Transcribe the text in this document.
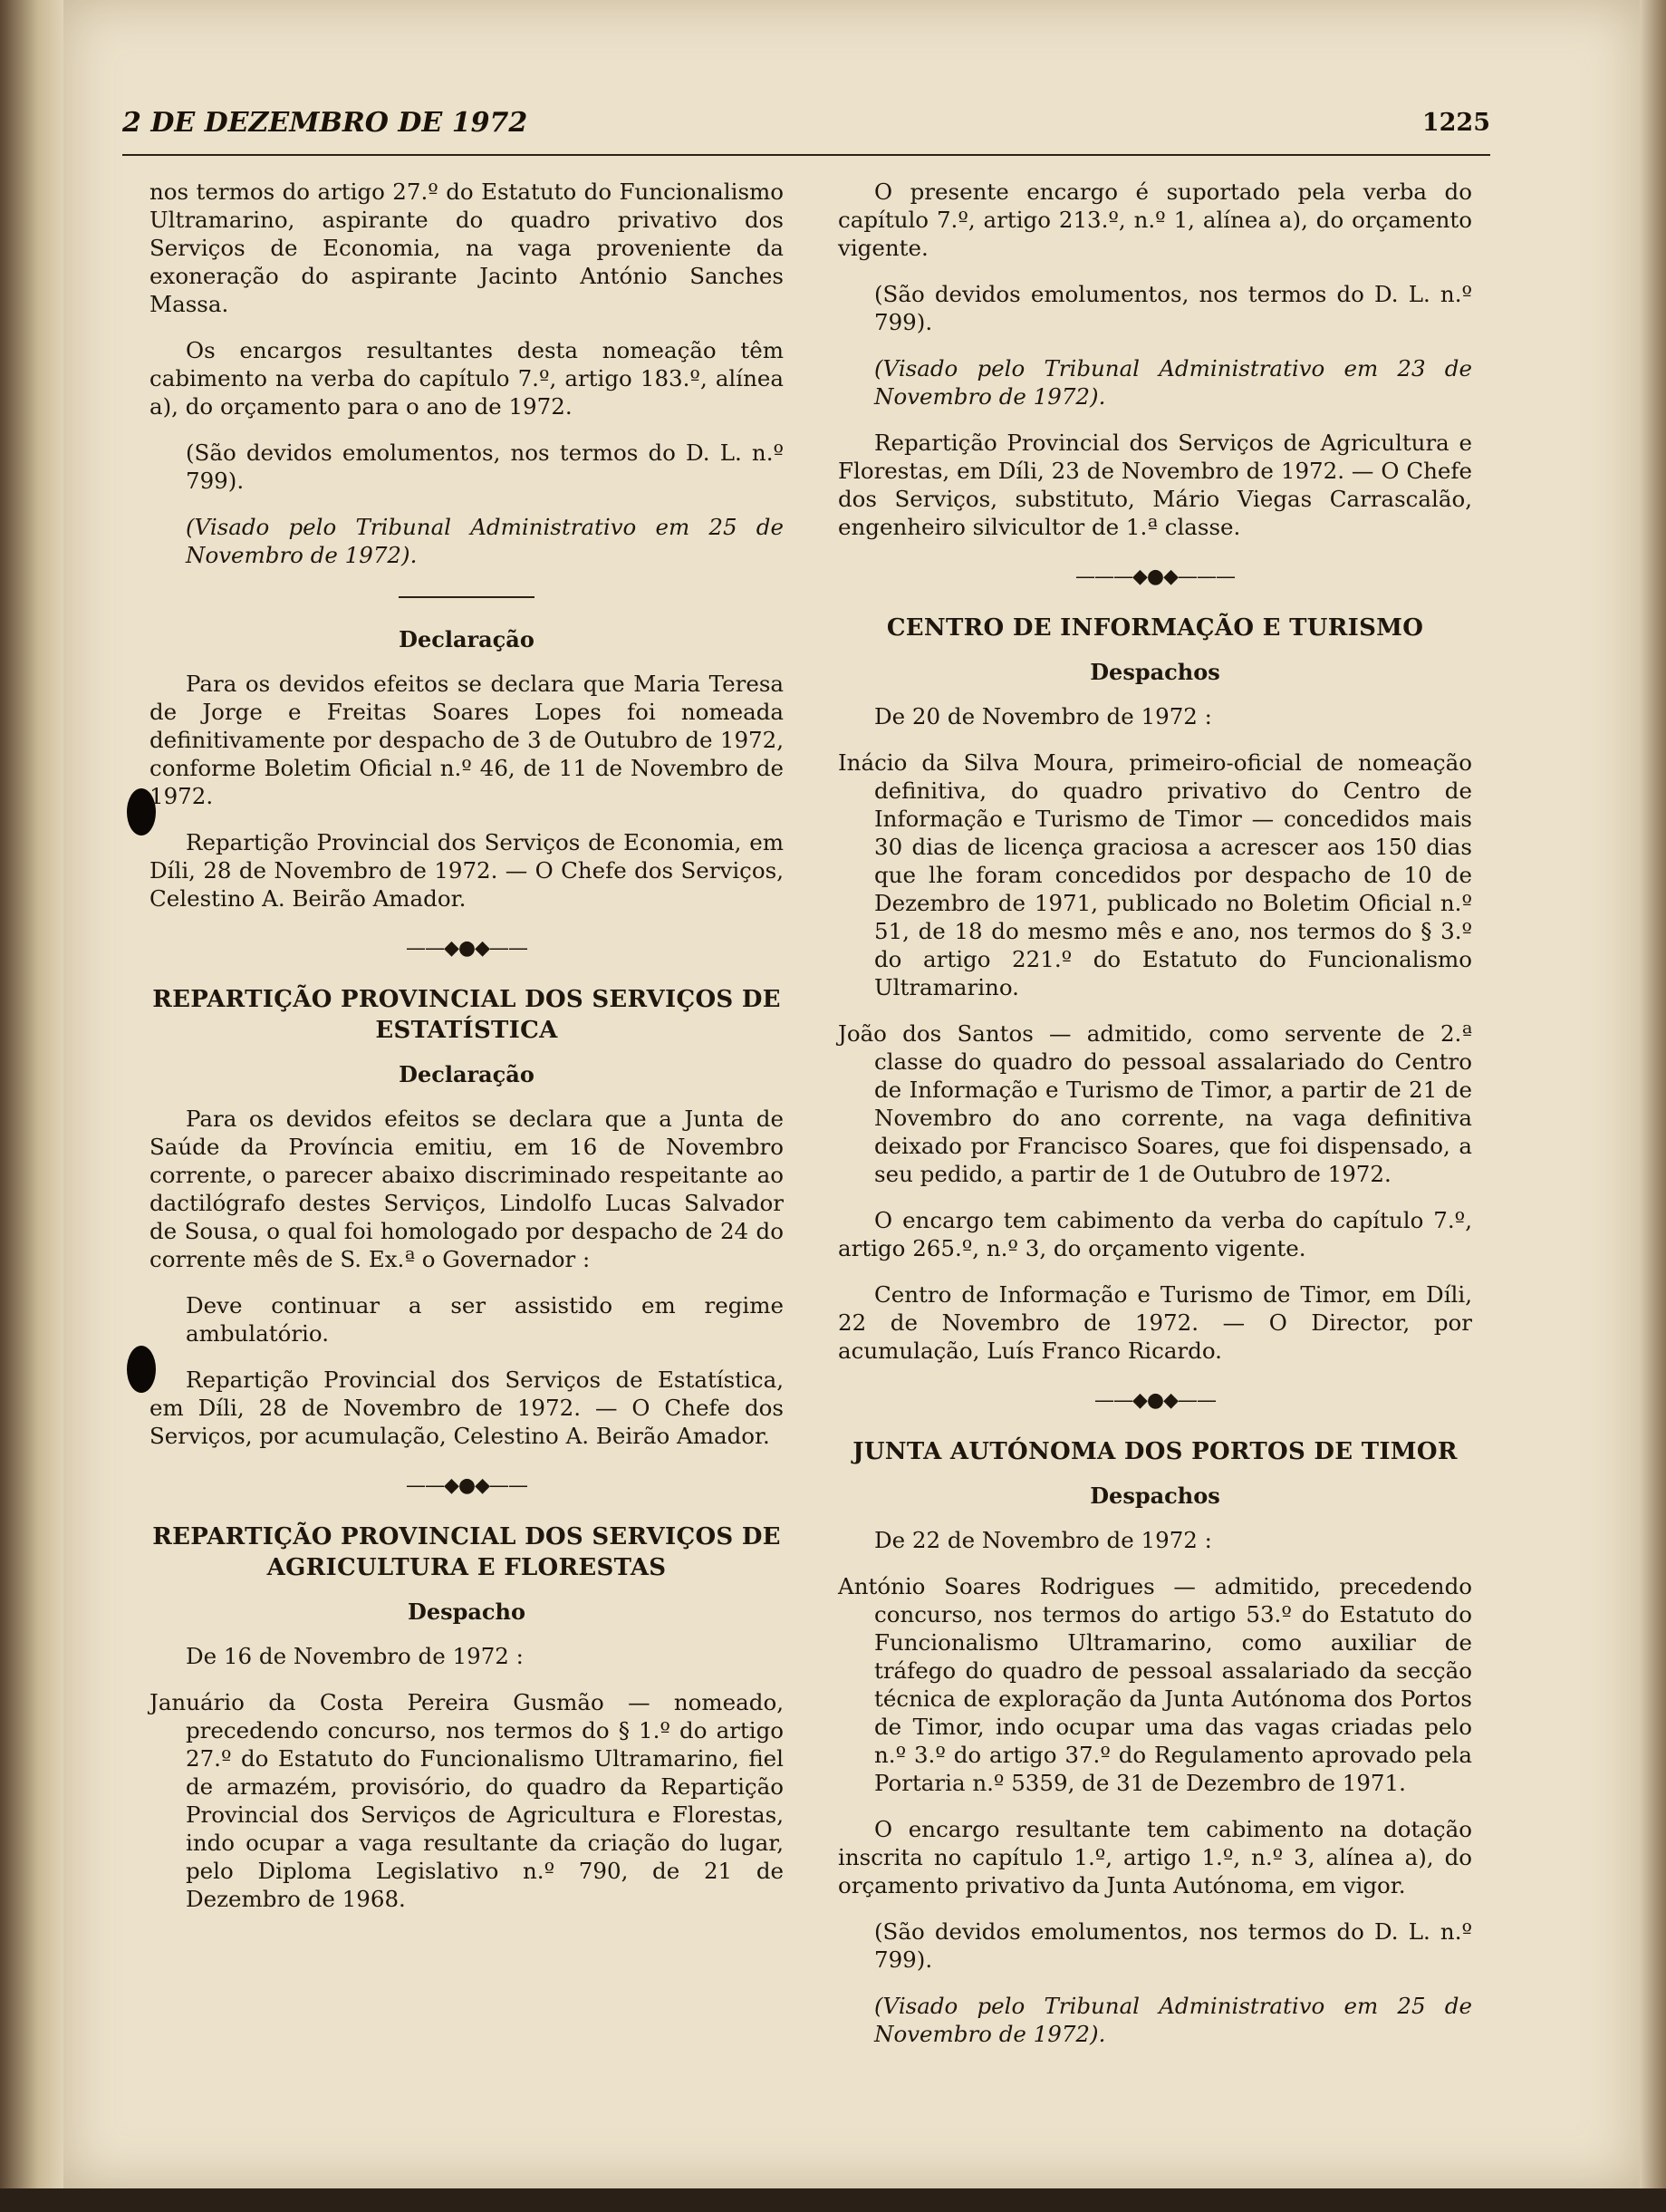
2 DE DEZEMBRO DE 1972	1225

nos termos do artigo 27.º do Estatuto do Funcionalismo Ultramarino, aspirante do quadro privativo dos Serviços de Economia, na vaga proveniente da exoneração do aspirante Jacinto António Sanches Massa.

Os encargos resultantes desta nomeação têm cabimento na verba do capítulo 7.º, artigo 183.º, alínea a), do orçamento para o ano de 1972.

(São devidos emolumentos, nos termos do D. L. n.º 799).

(Visado pelo Tribunal Administrativo em 25 de Novembro de 1972).

Declaração

Para os devidos efeitos se declara que Maria Teresa de Jorge e Freitas Soares Lopes foi nomeada definitivamente por despacho de 3 de Outubro de 1972, conforme Boletim Oficial n.º 46, de 11 de Novembro de 1972.

Repartição Provincial dos Serviços de Economia, em Díli, 28 de Novembro de 1972. — O Chefe dos Serviços, Celestino A. Beirão Amador.

——◆●◆——
REPARTIÇÃO PROVINCIAL DOS SERVIÇOS DE ESTATÍSTICA
Declaração

Para os devidos efeitos se declara que a Junta de Saúde da Província emitiu, em 16 de Novembro corrente, o parecer abaixo discriminado respeitante ao dactilógrafo destes Serviços, Lindolfo Lucas Salvador de Sousa, o qual foi homologado por despacho de 24 do corrente mês de S. Ex.ª o Governador :

Deve continuar a ser assistido em regime ambulatório.

Repartição Provincial dos Serviços de Estatística, em Díli, 28 de Novembro de 1972. — O Chefe dos Serviços, por acumulação, Celestino A. Beirão Amador.

——◆●◆——
REPARTIÇÃO PROVINCIAL DOS SERVIÇOS DE AGRICULTURA E FLORESTAS
Despacho

De 16 de Novembro de 1972 :

Januário da Costa Pereira Gusmão — nomeado, precedendo concurso, nos termos do § 1.º do artigo 27.º do Estatuto do Funcionalismo Ultramarino, fiel de armazém, provisório, do quadro da Repartição Provincial dos Serviços de Agricultura e Florestas, indo ocupar a vaga resultante da criação do lugar, pelo Diploma Legislativo n.º 790, de 21 de Dezembro de 1968.

O presente encargo é suportado pela verba do capítulo 7.º, artigo 213.º, n.º 1, alínea a), do orçamento vigente.

(São devidos emolumentos, nos termos do D. L. n.º 799).

(Visado pelo Tribunal Administrativo em 23 de Novembro de 1972).

Repartição Provincial dos Serviços de Agricultura e Florestas, em Díli, 23 de Novembro de 1972. — O Chefe dos Serviços, substituto, Mário Viegas Carrascalão, engenheiro silvicultor de 1.ª classe.

———◆●◆———
CENTRO DE INFORMAÇÃO E TURISMO
Despachos

De 20 de Novembro de 1972 :

Inácio da Silva Moura, primeiro-oficial de nomeação definitiva, do quadro privativo do Centro de Informação e Turismo de Timor — concedidos mais 30 dias de licença graciosa a acrescer aos 150 dias que lhe foram concedidos por despacho de 10 de Dezembro de 1971, publicado no Boletim Oficial n.º 51, de 18 do mesmo mês e ano, nos termos do § 3.º do artigo 221.º do Estatuto do Funcionalismo Ultramarino.

João dos Santos — admitido, como servente de 2.ª classe do quadro do pessoal assalariado do Centro de Informação e Turismo de Timor, a partir de 21 de Novembro do ano corrente, na vaga definitiva deixado por Francisco Soares, que foi dispensado, a seu pedido, a partir de 1 de Outubro de 1972.

O encargo tem cabimento da verba do capítulo 7.º, artigo 265.º, n.º 3, do orçamento vigente.

Centro de Informação e Turismo de Timor, em Díli, 22 de Novembro de 1972. — O Director, por acumulação, Luís Franco Ricardo.

——◆●◆——
JUNTA AUTÓNOMA DOS PORTOS DE TIMOR
Despachos

De 22 de Novembro de 1972 :

António Soares Rodrigues — admitido, precedendo concurso, nos termos do artigo 53.º do Estatuto do Funcionalismo Ultramarino, como auxiliar de tráfego do quadro de pessoal assalariado da secção técnica de exploração da Junta Autónoma dos Portos de Timor, indo ocupar uma das vagas criadas pelo n.º 3.º do artigo 37.º do Regulamento aprovado pela Portaria n.º 5359, de 31 de Dezembro de 1971.

O encargo resultante tem cabimento na dotação inscrita no capítulo 1.º, artigo 1.º, n.º 3, alínea a), do orçamento privativo da Junta Autónoma, em vigor.

(São devidos emolumentos, nos termos do D. L. n.º 799).

(Visado pelo Tribunal Administrativo em 25 de Novembro de 1972).
